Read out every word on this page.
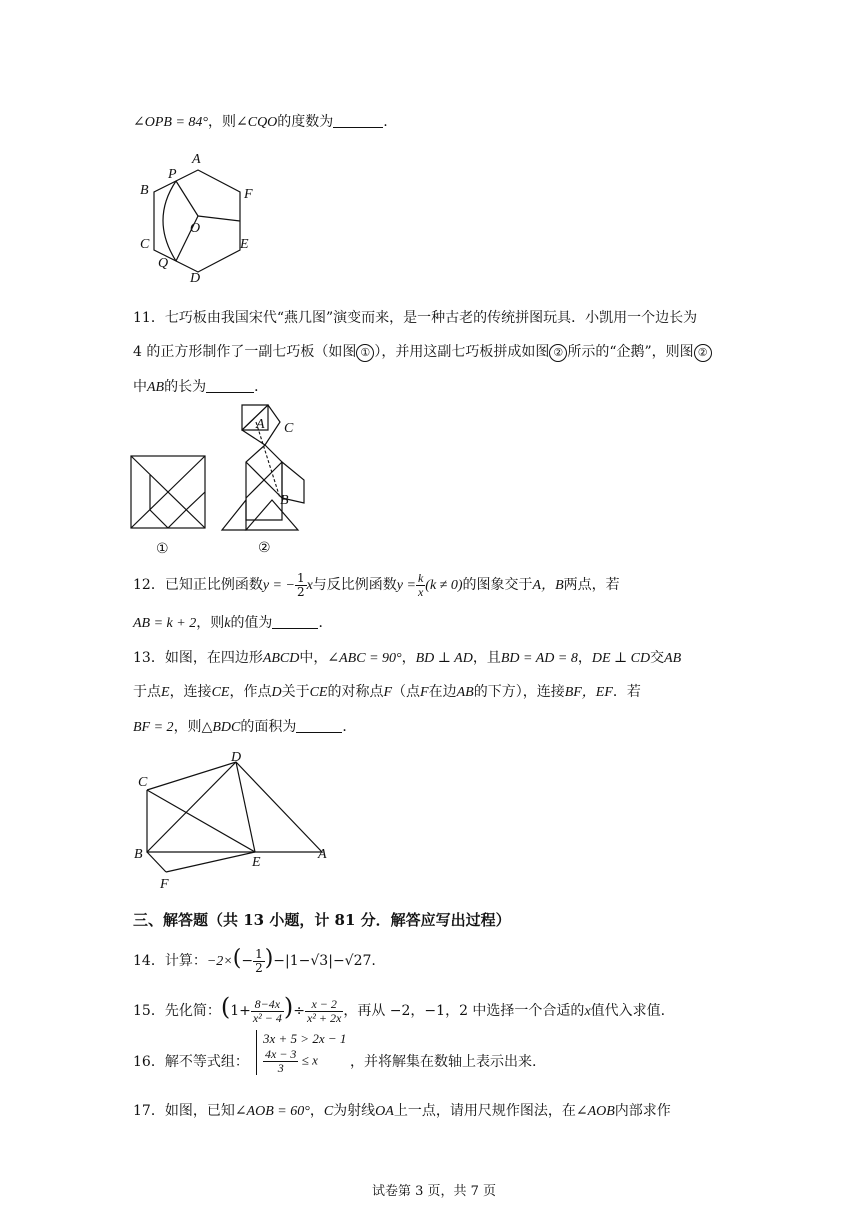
∠OPB = 84°，则∠CQO的度数为	.
A
B
P
F
O
C	E
Q
D
11．七巧板由我国宋代“燕几图”演变而来，是一种古老的传统拼图玩具．小凯用一个边长为
4 的正方形制作了一副七巧板（如图 ① ），并用这副七巧板拼成如图 ② 所示的“企鹅”，则图 ②
中AB的长为	．
①
A C
B
②
12．已知正比例函数y = − $\frac{1}{2}$ x与反比例函数$y = \frac{k}{x} (k \ne 0)$的图象交于A，B两点，若
AB = k + 2，则k的值为	．
13．如图，在四边形ABCD中，∠ABC = 90°，BD ⊥ AD，且BD = AD = 8，DE ⊥ CD交AB
于点E，连接CE，作点D关于CE的对称点F（点F在边AB的下方），连接BF，EF．若
BF = 2，则△BDC的面积为	．
C
D
B
E
A
F
三、解答题（共 13 小题，计 81 分．解答应写出过程）
14．计算：$-2\times(- \frac{1}{2} )-|1-√3|-√27$.
15．先化简：($1+ \frac{8-4x}{\text{x² − 4}}$ )÷ $\frac{x - 2}{\text{x² + 2x}}$ ，再从 −2，−1，2 中选择一个合适的x值代入求值.
16．解不等式组：
3x + 5 > 2x − 1
$\frac{4x - 3}{3} \le x$	，并将解集在数轴上表示出来.
17．如图，已知∠AOB = 60°，C为射线OA上一点，请用尺规作图法，在∠AOB内部求作
试卷第 3 页，共 7 页
